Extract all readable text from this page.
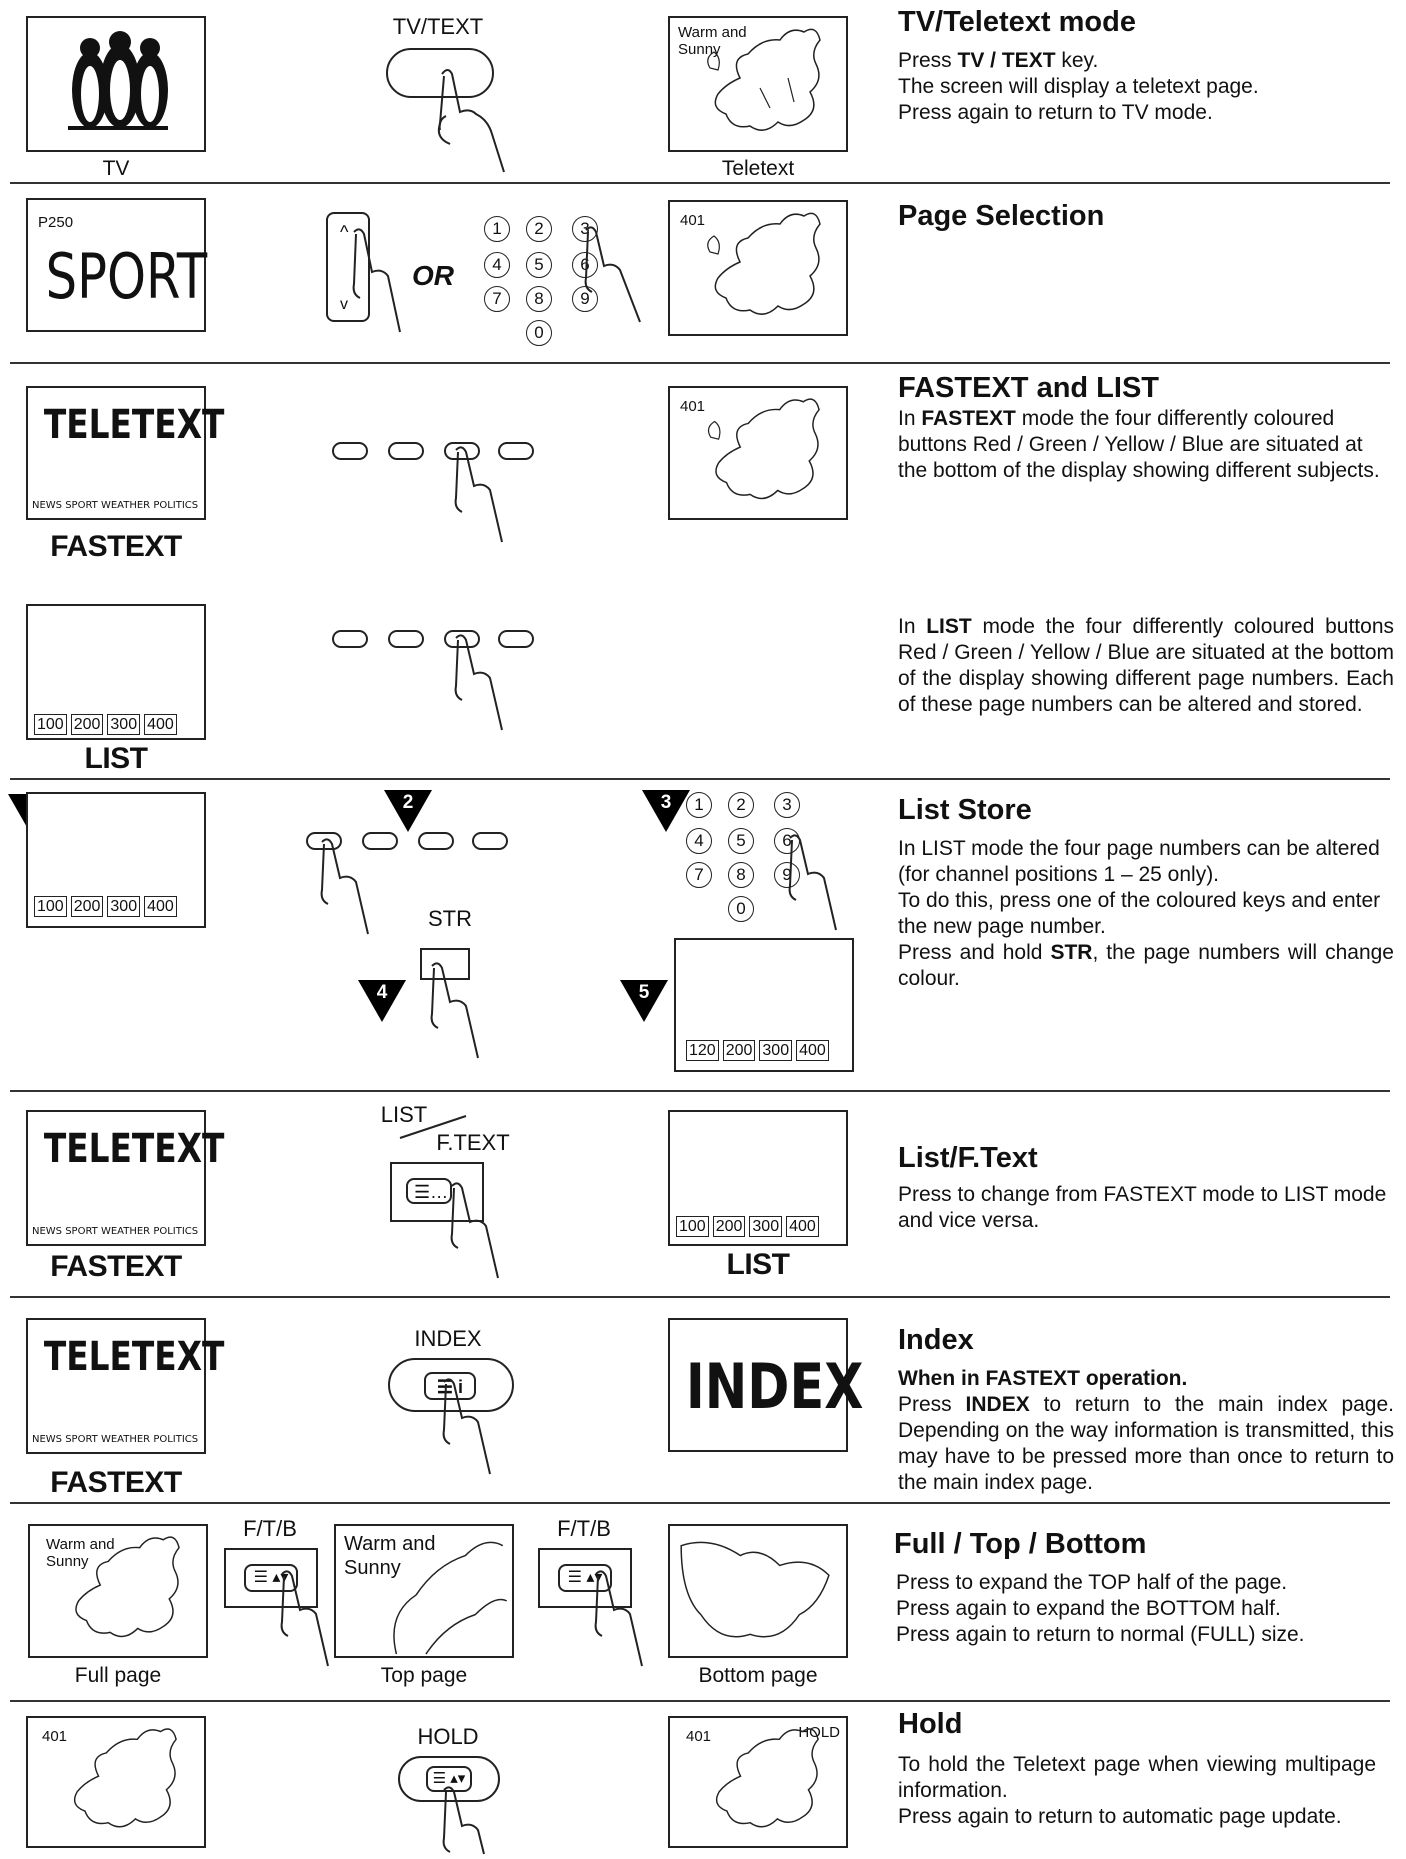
TV
TV/TEXT	Warm and Sunny
Teletext
TV/Teletext mode
Press TV / TEXT key.
The screen will display a teletext page.
Press again to return to TV mode.
P250
SPORT
^
v
OR
1	2	3
4	5	6
7	8	9
0
401	Page Selection
TELETEXT
NEWS SPORT WEATHER POLITICS
FASTEXT
401
FASTEXT and LIST
In FASTEXT mode the four differently coloured buttons Red / Green / Yellow / Blue are situated at the bottom of the display showing different subjects.
100 200 300 400
LIST
In LIST mode the four differently coloured buttons Red / Green / Yellow / Blue are situated at the bottom of the display showing different page numbers. Each of these page numbers can be altered and stored.
100 200 300 400
2
STR
4
3	1	2	3
4	5	6
7	8	9
0
5
120 200 300 400
List Store
In LIST mode the four page numbers can be altered (for channel positions 1 – 25 only).
To do this, press one of the coloured keys and enter the new page number.
Press and hold STR, the page numbers will change colour.
TELETEXT
NEWS SPORT WEATHER POLITICS
FASTEXT
LIST
F.TEXT
☰…
100 200 300 400
LIST
List/F.Text
Press to change from FASTEXT mode to LIST mode and vice versa.
TELETEXT
NEWS SPORT WEATHER POLITICS
FASTEXT
INDEX
☰ i	INDEX
Index
When in FASTEXT operation.
Press INDEX to return to the main index page. Depending on the way information is transmitted, this may have to be pressed more than once to return to the main index page.
Warm and Sunny
Full page
F/T/B
☰ ▴▾
Warm and Sunny
Top page
F/T/B
☰ ▴▾
Bottom page
Full / Top / Bottom
Press to expand the TOP half of the page.
Press again to expand the BOTTOM half.
Press again to return to normal (FULL) size.
401	HOLD
☰ ▴▾
401	HOLD Hold
To hold the Teletext page when viewing multipage information.
Press again to return to automatic page update.
